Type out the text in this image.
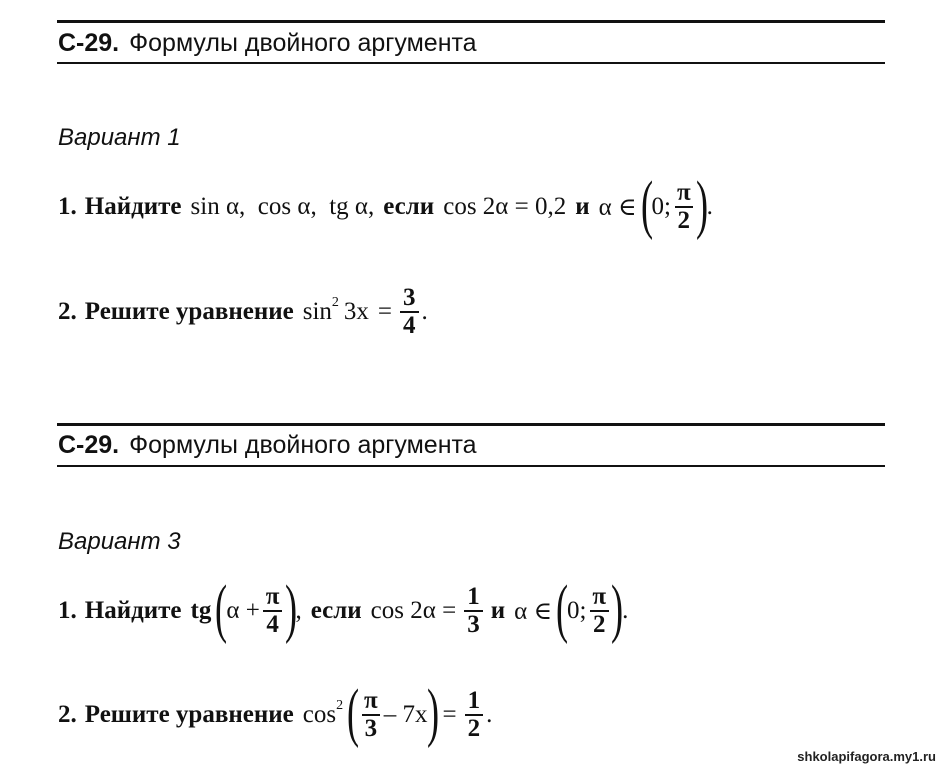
С-29. Формулы двойного аргумента
Вариант 1
1. Найдите sin α,  cos α,  tg α, если cos 2α = 0,2 и α ∈ (
0; $\frac{\pi}{2}$ )
.
2. Решите уравнение $\sin^2 3x = \frac{3}{4}$ .
С-29. Формулы двойного аргумента
Вариант 3
1. Найдите tg (
$\alpha + \frac{\pi}{4}$ )
, если $\cos 2\alpha = \frac{1}{3}$ и α ∈ (
0; $\frac{\pi}{2}$ )
.
2. Решите уравнение $\cos^2$ ( $\frac{\pi}{3} - 7x$
) = $\frac{1}{2}$ .
shkolapifagora.my1.ru
